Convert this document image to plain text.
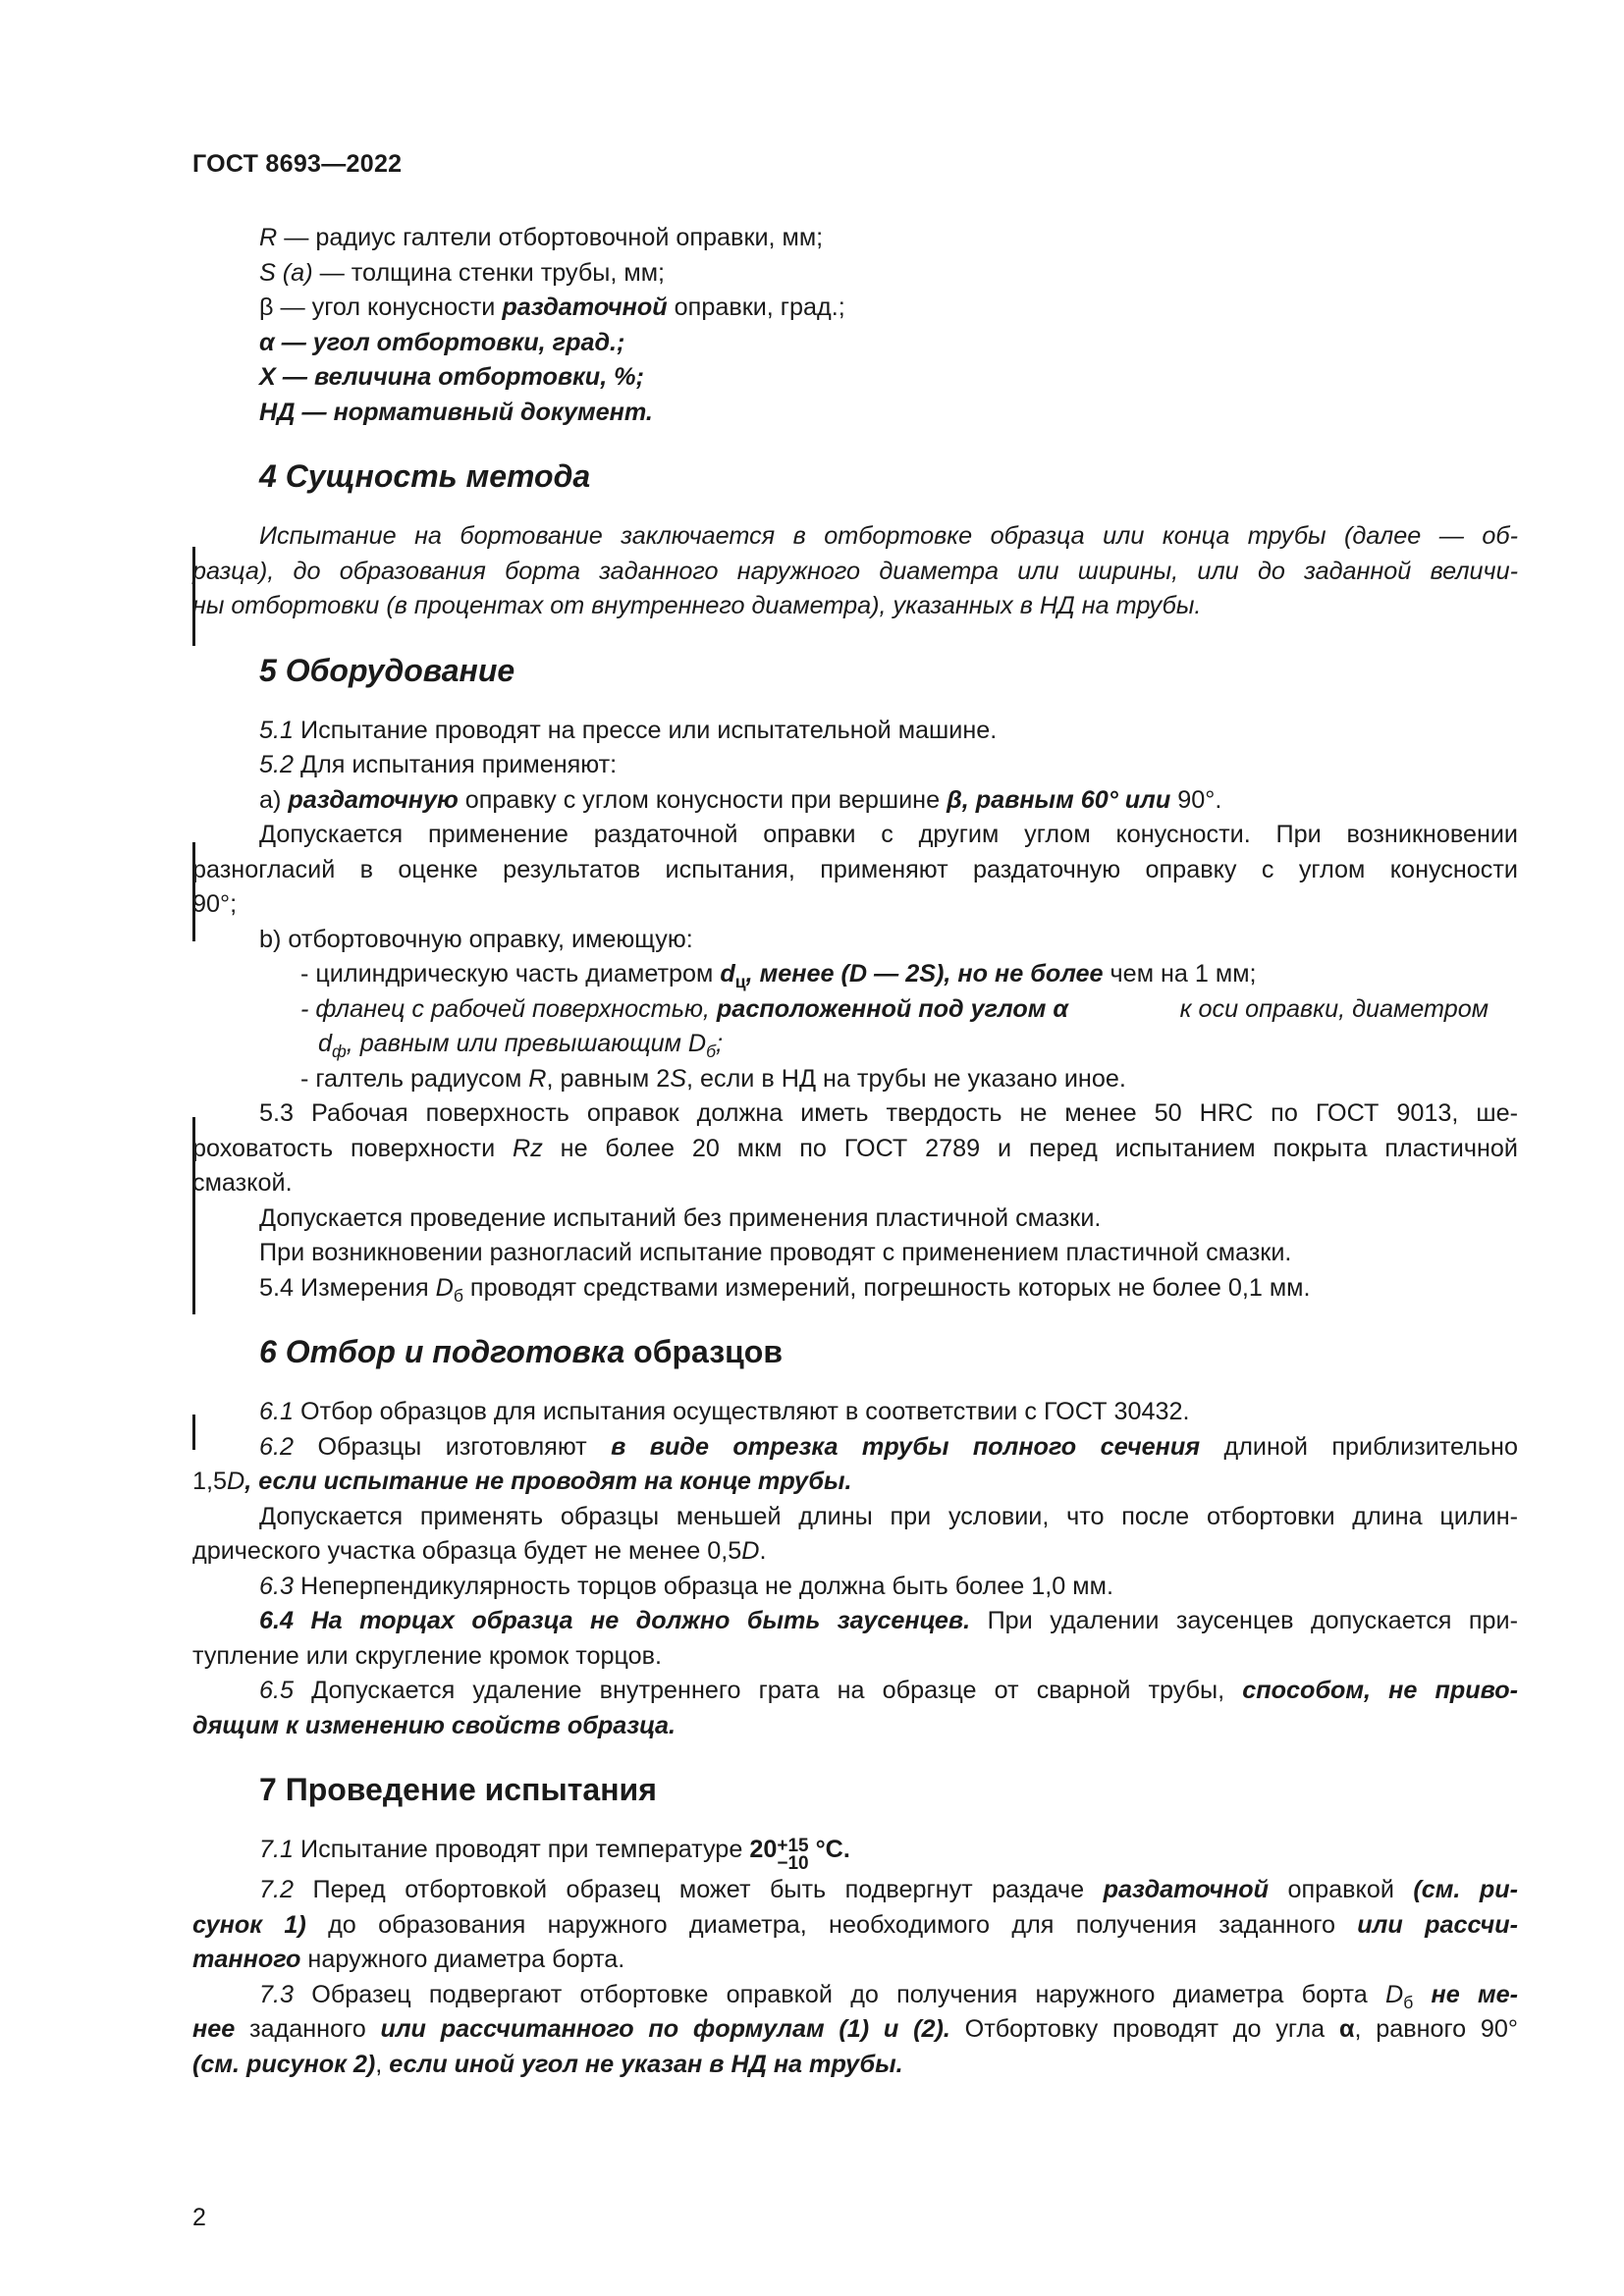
ГОСТ 8693—2022
R — радиус галтели отбортовочной оправки, мм;
S (a) — толщина стенки трубы, мм;
β — угол конусности раздаточной оправки, град.;
α — угол отбортовки, град.;
X — величина отбортовки, %;
НД — нормативный документ.
4 Сущность метода
Испытание на бортование заключается в отбортовке образца или конца трубы (далее — об-
разца), до образования борта заданного наружного диаметра или ширины, или до заданной величи-
ны отбортовки (в процентах от внутреннего диаметра), указанных в НД на трубы.
5 Оборудование
5.1 Испытание проводят на прессе или испытательной машине.
5.2 Для испытания применяют:
a) раздаточную оправку с углом конусности при вершине β, равным 60° или 90°.
Допускается применение раздаточной оправки с другим углом конусности. При возникновении
разногласий в оценке результатов испытания, применяют раздаточную оправку с углом конусности
90°;
b) отбортовочную оправку, имеющую:
- цилиндрическую часть диаметром $d_ц$, менее (D — 2S), но не более чем на 1 мм;
- фланец с рабочей поверхностью, расположенной под углом α	к оси оправки, диаметром
$d_ф$, равным или превышающим $D_б$;
- галтель радиусом R, равным 2S, если в НД на трубы не указано иное.
5.3 Рабочая поверхность оправок должна иметь твердость не менее 50 HRC по ГОСТ 9013, ше-
роховатость поверхности Rz не более 20 мкм по ГОСТ 2789 и перед испытанием покрыта пластичной
смазкой.
Допускается проведение испытаний без применения пластичной смазки.
При возникновении разногласий испытание проводят с применением пластичной смазки.
5.4 Измерения $D_б$ проводят средствами измерений, погрешность которых не более 0,1 мм.
6 Отбор и подготовка образцов
6.1 Отбор образцов для испытания осуществляют в соответствии с ГОСТ 30432.
6.2 Образцы изготовляют в виде отрезка трубы полного сечения длиной приблизительно
1,5D, если испытание не проводят на конце трубы.
Допускается применять образцы меньшей длины при условии, что после отбортовки длина цилин-
дрического участка образца будет не менее 0,5D.
6.3 Неперпендикулярность торцов образца не должна быть более 1,0 мм.
6.4 На торцах образца не должно быть заусенцев. При удалении заусенцев допускается при-
тупление или скругление кромок торцов.
6.5 Допускается удаление внутреннего грата на образце от сварной трубы, способом, не приво-
дящим к изменению свойств образца.
7 Проведение испытания
7.1 Испытание проводят при температуре 20 +15
−10
°С.
7.2 Перед отбортовкой образец может быть подвергнут раздаче раздаточной оправкой (см. ри-
сунок 1) до образования наружного диаметра, необходимого для получения заданного или рассчи-
танного наружного диаметра борта.
7.3 Образец подвергают отбортовке оправкой до получения наружного диаметра борта $D_б$ не ме-
нее заданного или рассчитанного по формулам (1) и (2). Отбортовку проводят до угла α, равного 90°
(см. рисунок 2), если иной угол не указан в НД на трубы.
2
